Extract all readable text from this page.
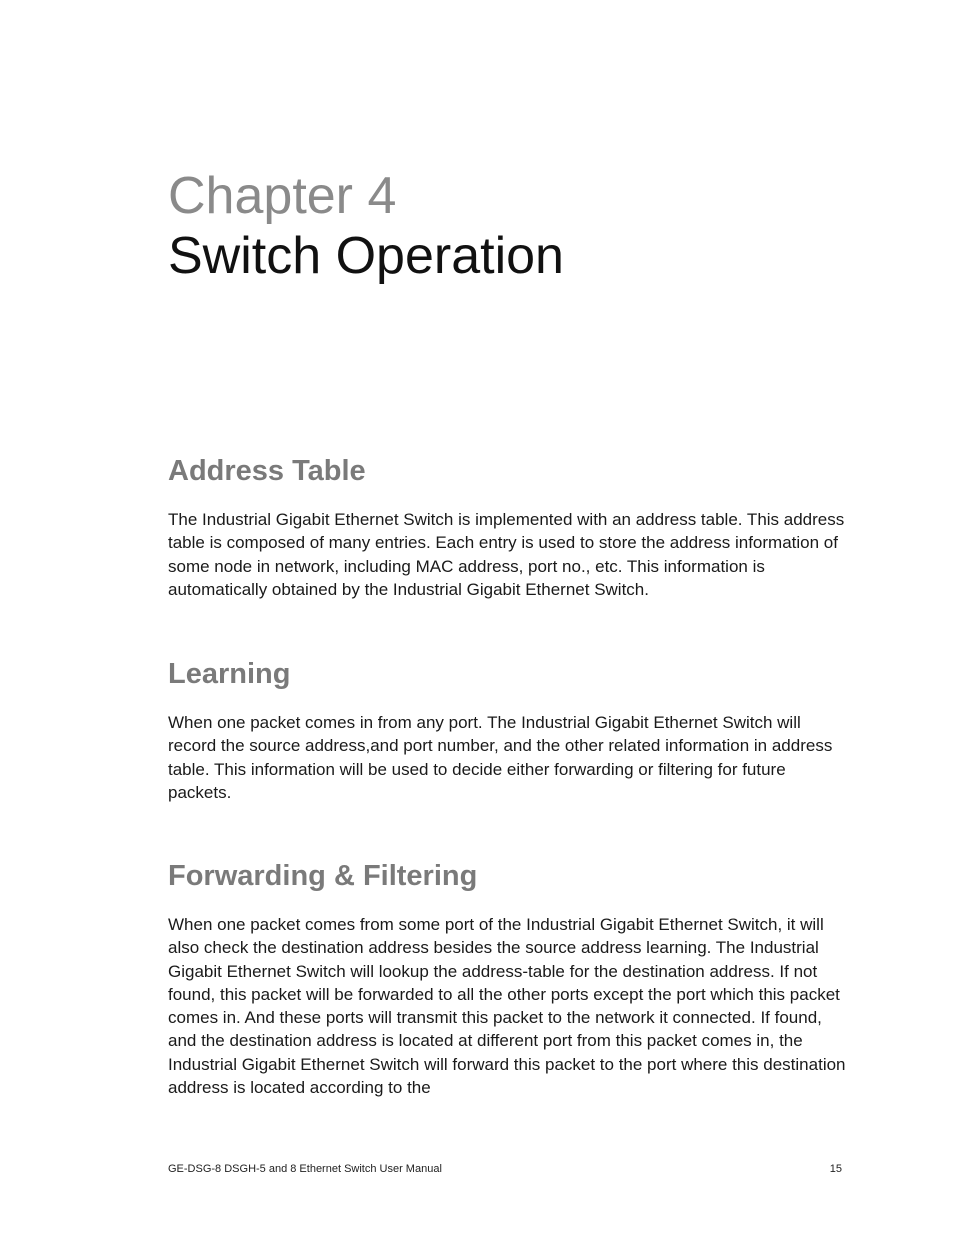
Chapter 4
Switch Operation
Address Table

The Industrial Gigabit Ethernet Switch is implemented with an address table. This address table is composed of many entries. Each entry is used to store the address information of some node in network, including MAC address, port no., etc. This information is automatically obtained by the Industrial Gigabit Ethernet Switch.

Learning

When one packet comes in from any port. The Industrial Gigabit Ethernet Switch will record the source address,and port number, and the other related information in address table. This information will be used to decide either forwarding or filtering for future packets.

Forwarding & Filtering

When one packet comes from some port of the Industrial Gigabit Ethernet Switch, it will also check the destination address besides the source address learning. The Industrial Gigabit Ethernet Switch will lookup the address-table for the destination address. If not found, this packet will be forwarded to all the other ports except the port which this packet comes in. And these ports will transmit this packet to the network it connected. If found, and the destination address is located at different port from this packet comes in, the Industrial Gigabit Ethernet Switch will forward this packet to the port where this destination address is located according to the

GE-DSG-8 DSGH-5 and 8 Ethernet Switch User Manual	15
